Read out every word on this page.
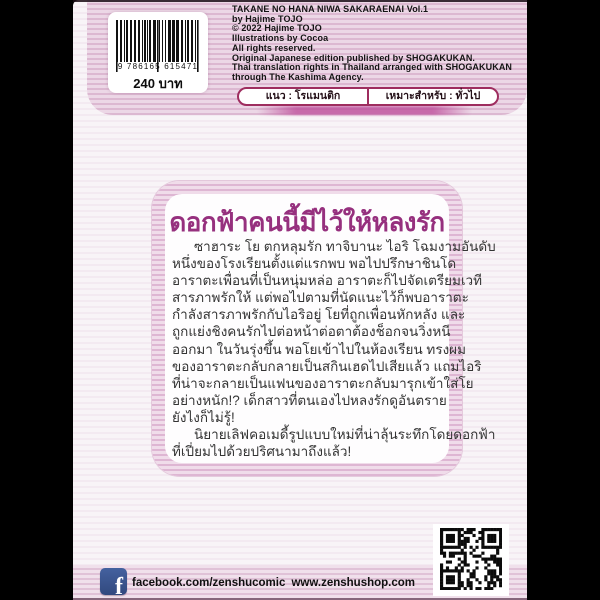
9 786165 615471
240 บาท
TAKANE NO HANA NIWA SAKARAENAI Vol.1
by Hajime TOJO
© 2022 Hajime TOJO
Illustrations by Cocoa
All rights reserved.
Original Japanese edition published by SHOGAKUKAN.
Thai translation rights in Thailand arranged with SHOGAKUKAN
through The Kashima Agency.
แนว : โรแมนติก	เหมาะสำหรับ : ทั่วไป
ดอกฟ้าคนนี้มีไว้ให้หลงรัก
ซาฮาระ โย ตกหลุมรัก ทาจิบานะ ไอริ โฉมงามอันดับ
หนึ่งของโรงเรียนตั้งแต่แรกพบ พอไปปรึกษาชินโด
อาราตะเพื่อนที่เป็นหนุ่มหล่อ อาราตะก็ไปจัดเตรียมเวที
สารภาพรักให้ แต่พอไปตามที่นัดแนะไว้ก็พบอาราตะ
กำลังสารภาพรักกับไอริอยู่ โยที่ถูกเพื่อนหักหลัง และ
ถูกแย่งชิงคนรักไปต่อหน้าต่อตาต้องช็อกจนวิ่งหนี
ออกมา ในวันรุ่งขึ้น พอโยเข้าไปในห้องเรียน ทรงผม
ของอาราตะกลับกลายเป็นสกินเฮดไปเสียแล้ว แถมไอริ
ที่น่าจะกลายเป็นแฟนของอาราตะกลับมารุกเข้าใส่โย
อย่างหนัก!? เด็กสาวที่ตนเองไปหลงรักดูอันตราย
ยังไงก็ไม่รู้!
นิยายเลิฟคอเมดี้รูปแบบใหม่ที่น่าลุ้นระทึกโดยดอกฟ้า
ที่เปี่ยมไปด้วยปริศนามาถึงแล้ว!
f facebook.com/zenshucomic www.zenshushop.com
